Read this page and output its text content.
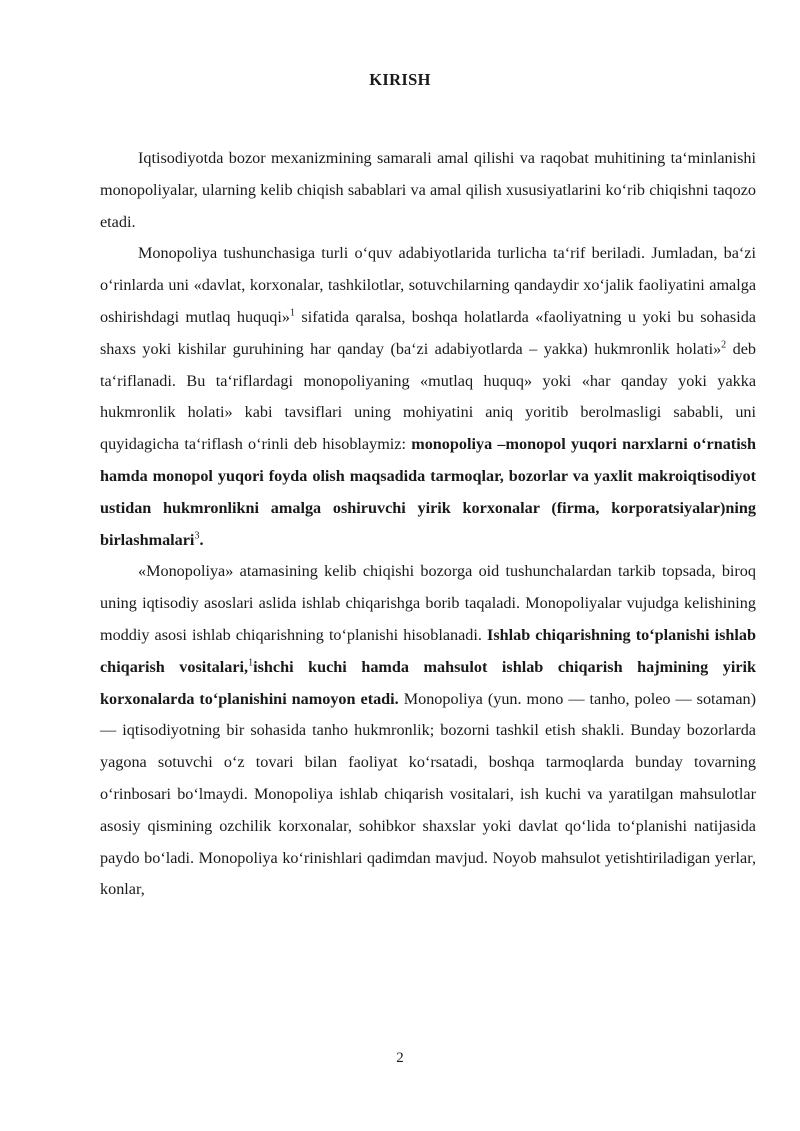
KIRISH

Iqtisodiyotda bozor mexanizmining samarali amal qilishi va raqobat muhitining ta‘minlanishi monopoliyalar, ularning kelib chiqish sabablari va amal qilish xususiyatlarini ko‘rib chiqishni taqozo etadi.

Monopoliya tushunchasiga turli o‘quv adabiyotlarida turlicha ta‘rif beriladi. Jumladan, ba‘zi o‘rinlarda uni «davlat, korxonalar, tashkilotlar, sotuvchilarning qandaydir xo‘jalik faoliyatini amalga oshirishdagi mutlaq huquqi»$^1$ sifatida qaralsa, boshqa holatlarda «faoliyatning u yoki bu sohasida shaxs yoki kishilar guruhining har qanday (ba‘zi adabiyotlarda – yakka) hukmronlik holati»$^2$ deb ta‘riflanadi. Bu ta‘riflardagi monopoliyaning «mutlaq huquq» yoki «har qanday yoki yakka hukmronlik holati» kabi tavsiflari uning mohiyatini aniq yoritib berolmasligi sababli, uni quyidagicha ta‘riflash o‘rinli deb hisoblaymiz: monopoliya –monopol yuqori narxlarni o‘rnatish hamda monopol yuqori foyda olish maqsadida tarmoqlar, bozorlar va yaxlit makroiqtisodiyot ustidan hukmronlikni amalga oshiruvchi yirik korxonalar (firma, korporatsiyalar)ning birlashmalari$^3$.

«Monopoliya» atamasining kelib chiqishi bozorga oid tushunchalardan tarkib topsada, biroq uning iqtisodiy asoslari aslida ishlab chiqarishga borib taqaladi. Monopoliyalar vujudga kelishining moddiy asosi ishlab chiqarishning to‘planishi hisoblanadi. Ishlab chiqarishning to‘planishi ishlab chiqarish vositalari,$^1$ishchi kuchi hamda mahsulot ishlab chiqarish hajmining yirik korxonalarda to‘planishini namoyon etadi. Monopoliya (yun. mono — tanho, poleo — sotaman) — iqtisodiyotning bir sohasida tanho hukmronlik; bozorni tashkil etish shakli. Bunday bozorlarda yagona sotuvchi o‘z tovari bilan faoliyat ko‘rsatadi, boshqa tarmoqlarda bunday tovarning o‘rinbosari bo‘lmaydi. Monopoliya ishlab chiqarish vositalari, ish kuchi va yaratilgan mahsulotlar asosiy qismining ozchilik korxonalar, sohibkor shaxslar yoki davlat qo‘lida to‘planishi natijasida paydo bo‘ladi. Monopoliya ko‘rinishlari qadimdan mavjud. Noyob mahsulot yetishtiriladigan yerlar, konlar,

2
